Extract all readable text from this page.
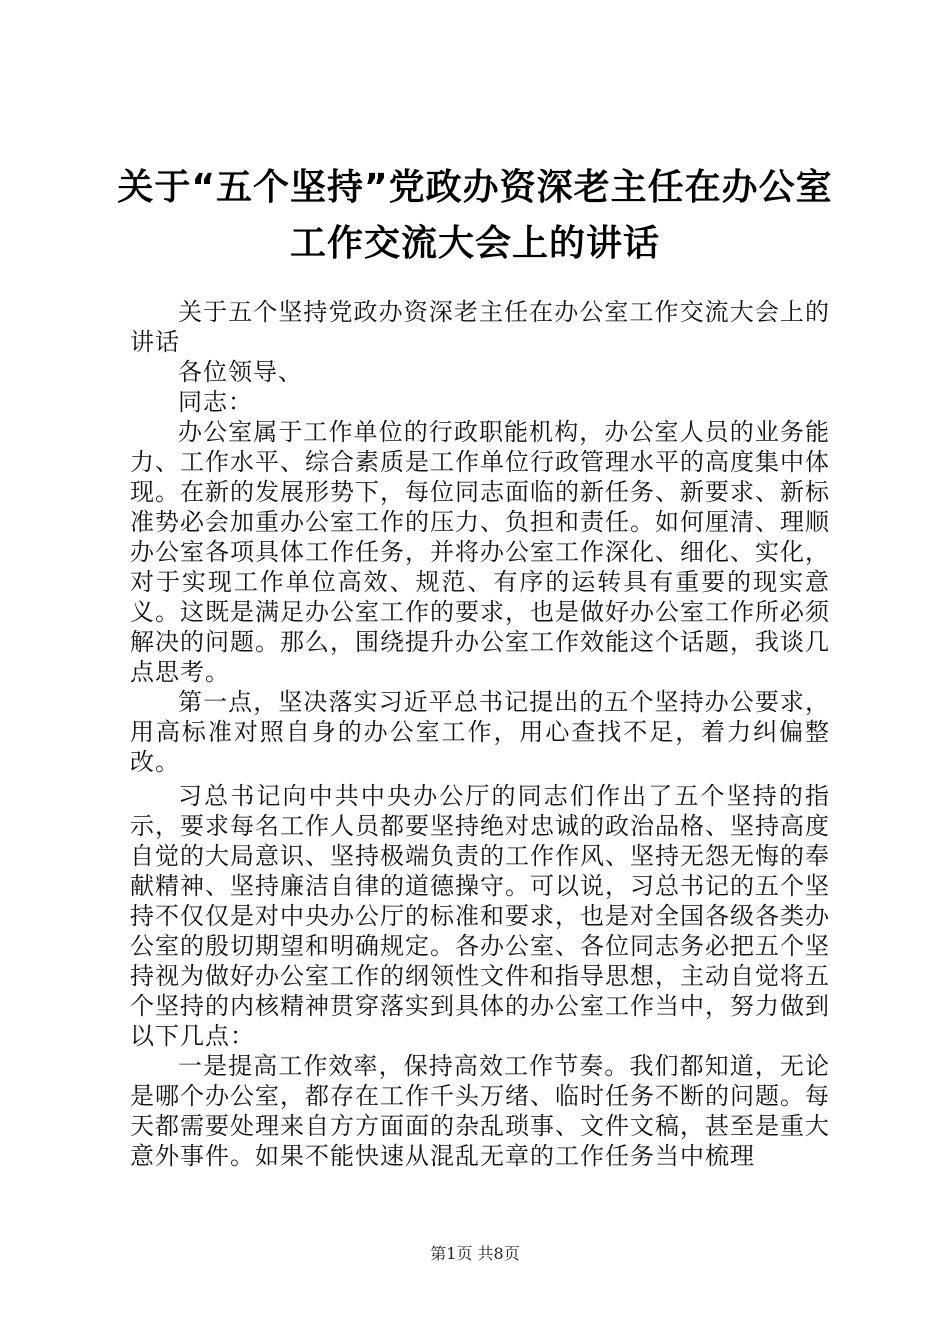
关于“五个坚持”党政办资深老主任在办公室
工作交流大会上的讲话

关于五个坚持党政办资深老主任在办公室工作交流大会上的讲话

各位领导、

同志：

办公室属于工作单位的行政职能机构，办公室人员的业务能力、工作水平、综合素质是工作单位行政管理水平的高度集中体现。在新的发展形势下，每位同志面临的新任务、新要求、新标准势必会加重办公室工作的压力、负担和责任。如何厘清、理顺办公室各项具体工作任务，并将办公室工作深化、细化、实化，对于实现工作单位高效、规范、有序的运转具有重要的现实意义。这既是满足办公室工作的要求，也是做好办公室工作所必须解决的问题。那么，围绕提升办公室工作效能这个话题，我谈几点思考。

第一点，坚决落实习近平总书记提出的五个坚持办公要求，用高标准对照自身的办公室工作，用心查找不足，着力纠偏整改。

习总书记向中共中央办公厅的同志们作出了五个坚持的指示，要求每名工作人员都要坚持绝对忠诚的政治品格、坚持高度自觉的大局意识、坚持极端负责的工作作风、坚持无怨无悔的奉献精神、坚持廉洁自律的道德操守。可以说，习总书记的五个坚持不仅仅是对中央办公厅的标准和要求，也是对全国各级各类办公室的殷切期望和明确规定。各办公室、各位同志务必把五个坚持视为做好办公室工作的纲领性文件和指导思想，主动自觉将五个坚持的内核精神贯穿落实到具体的办公室工作当中，努力做到以下几点：

一是提高工作效率，保持高效工作节奏。我们都知道，无论是哪个办公室，都存在工作千头万绪、临时任务不断的问题。每天都需要处理来自方方面面的杂乱琐事、文件文稿，甚至是重大意外事件。如果不能快速从混乱无章的工作任务当中梳理

第1页 共8页
